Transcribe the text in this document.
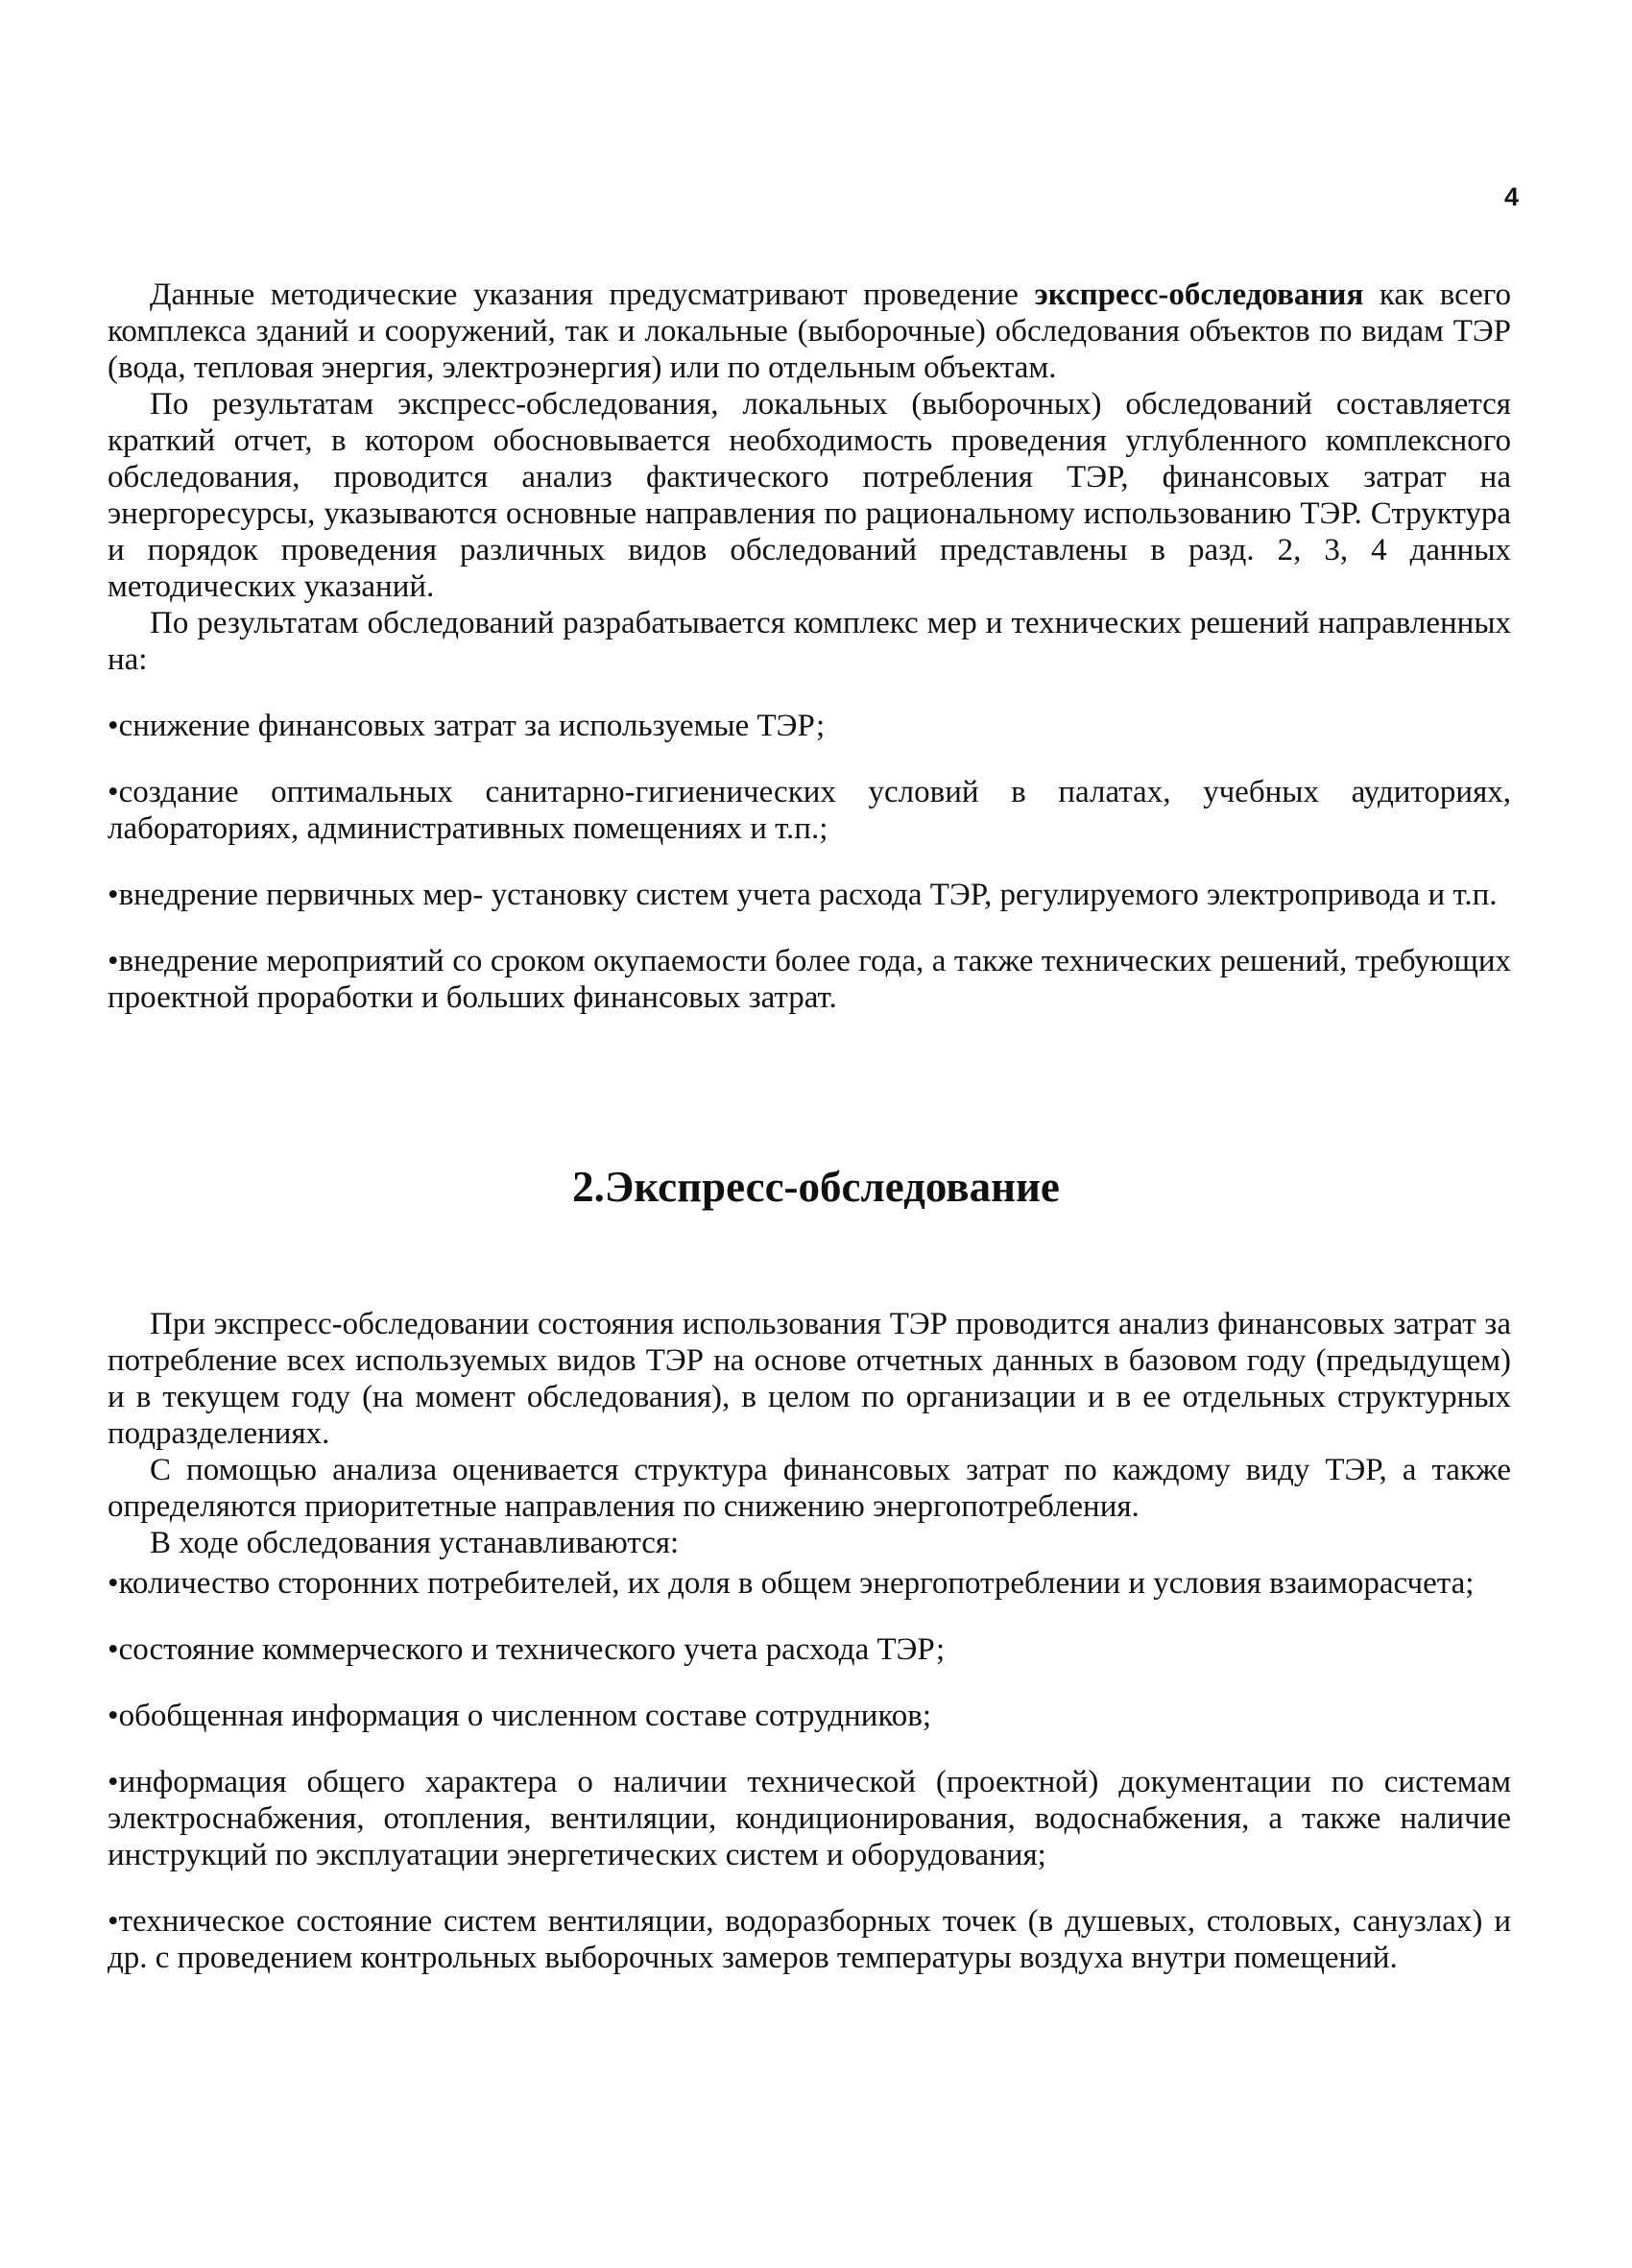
4

Данные методические указания предусматривают проведение экспресс-обследования как всего комплекса зданий и сооружений, так и локальные (выборочные) обследования объектов по видам ТЭР (вода, тепловая энергия, электроэнергия) или по отдельным объектам.

По результатам экспресс-обследования, локальных (выборочных) обследований составляется краткий отчет, в котором обосновывается необходимость проведения углубленного комплексного обследования, проводится анализ фактического потребления ТЭР, финансовых затрат на энергоресурсы, указываются основные направления по рациональному использованию ТЭР. Структура и порядок проведения различных видов обследований представлены в разд. 2, 3, 4 данных методических указаний.

По результатам обследований разрабатывается комплекс мер и технических решений направленных на:

• снижение финансовых затрат за используемые ТЭР;
• создание оптимальных санитарно-гигиенических условий в палатах, учебных аудиториях, лабораториях, административных помещениях и т.п.;
• внедрение первичных мер- установку систем учета расхода ТЭР, регулируемого электропривода и т.п.
• внедрение мероприятий со сроком окупаемости более года, а также технических решений, требующих проектной проработки и больших финансовых затрат.
2.Экспресс-обследование

При экспресс-обследовании состояния использования ТЭР проводится анализ финансовых затрат за потребление всех используемых видов ТЭР на основе отчетных данных в базовом году (предыдущем) и в текущем году (на момент обследования), в целом по организации и в ее отдельных структурных подразделениях.

С помощью анализа оценивается структура финансовых затрат по каждому виду ТЭР, а также определяются приоритетные направления по снижению энергопотребления.

В ходе обследования устанавливаются:

• количество сторонних потребителей, их доля в общем энергопотреблении и условия взаиморасчета;
• состояние коммерческого и технического учета расхода ТЭР;
• обобщенная информация о численном составе сотрудников;
• информация общего характера о наличии технической (проектной) документации по системам электроснабжения, отопления, вентиляции, кондиционирования, водоснабжения, а также наличие инструкций по эксплуатации энергетических систем и оборудования;
• техническое состояние систем вентиляции, водоразборных точек (в душевых, столовых, санузлах) и др. с проведением контрольных выборочных замеров температуры воздуха внутри помещений.
